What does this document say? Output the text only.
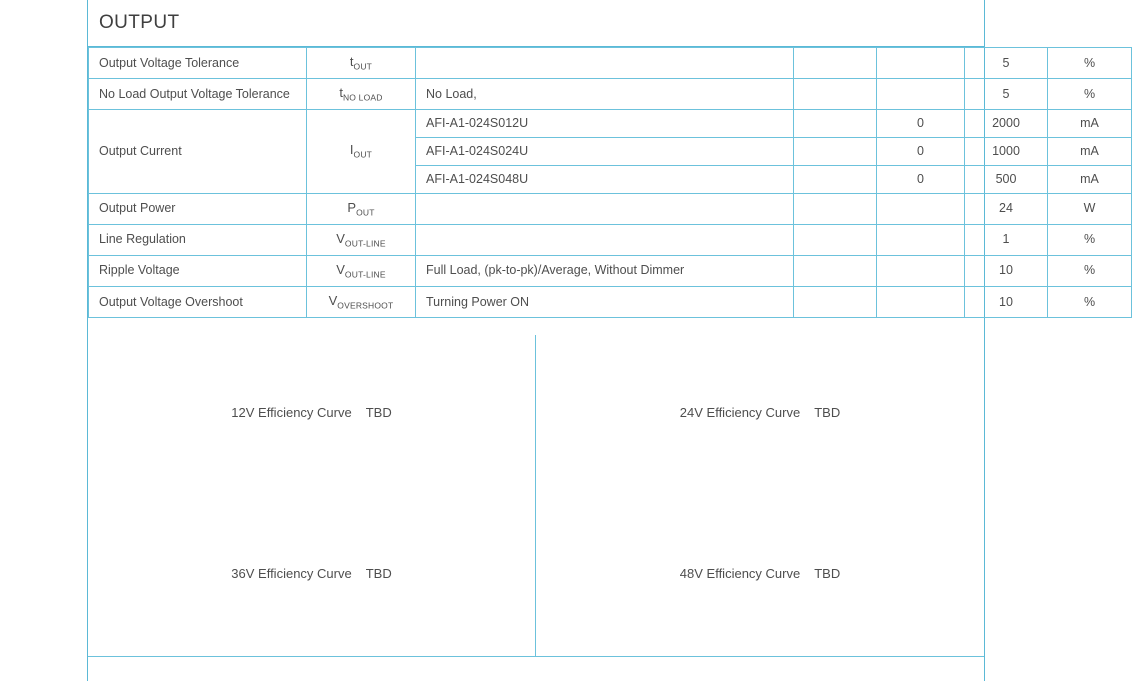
OUTPUT
Output Voltage Tolerance	$t_{OUT}$				5	%
No Load Output Voltage Tolerance	$t_{NO LOAD}$	No Load,			5	%
Output Current	$I_{OUT}$	AFI-A1-024S012U		0	2000	mA
		AFI-A1-024S024U		0	1000	mA
		AFI-A1-024S048U		0	500	mA
Output Power	$P_{OUT}$				24	W
Line Regulation	$V_{OUT-LINE}$				1	%
Ripple Voltage	$V_{OUT-LINE}$	Full Load, (pk-to-pk)/Average, Without Dimmer			10	%
Output Voltage Overshoot	$V_{OVERSHOOT}$	Turning Power ON			10	%
12V Efficiency Curve TBD
36V Efficiency Curve TBD
24V Efficiency Curve TBD
48V Efficiency Curve TBD
